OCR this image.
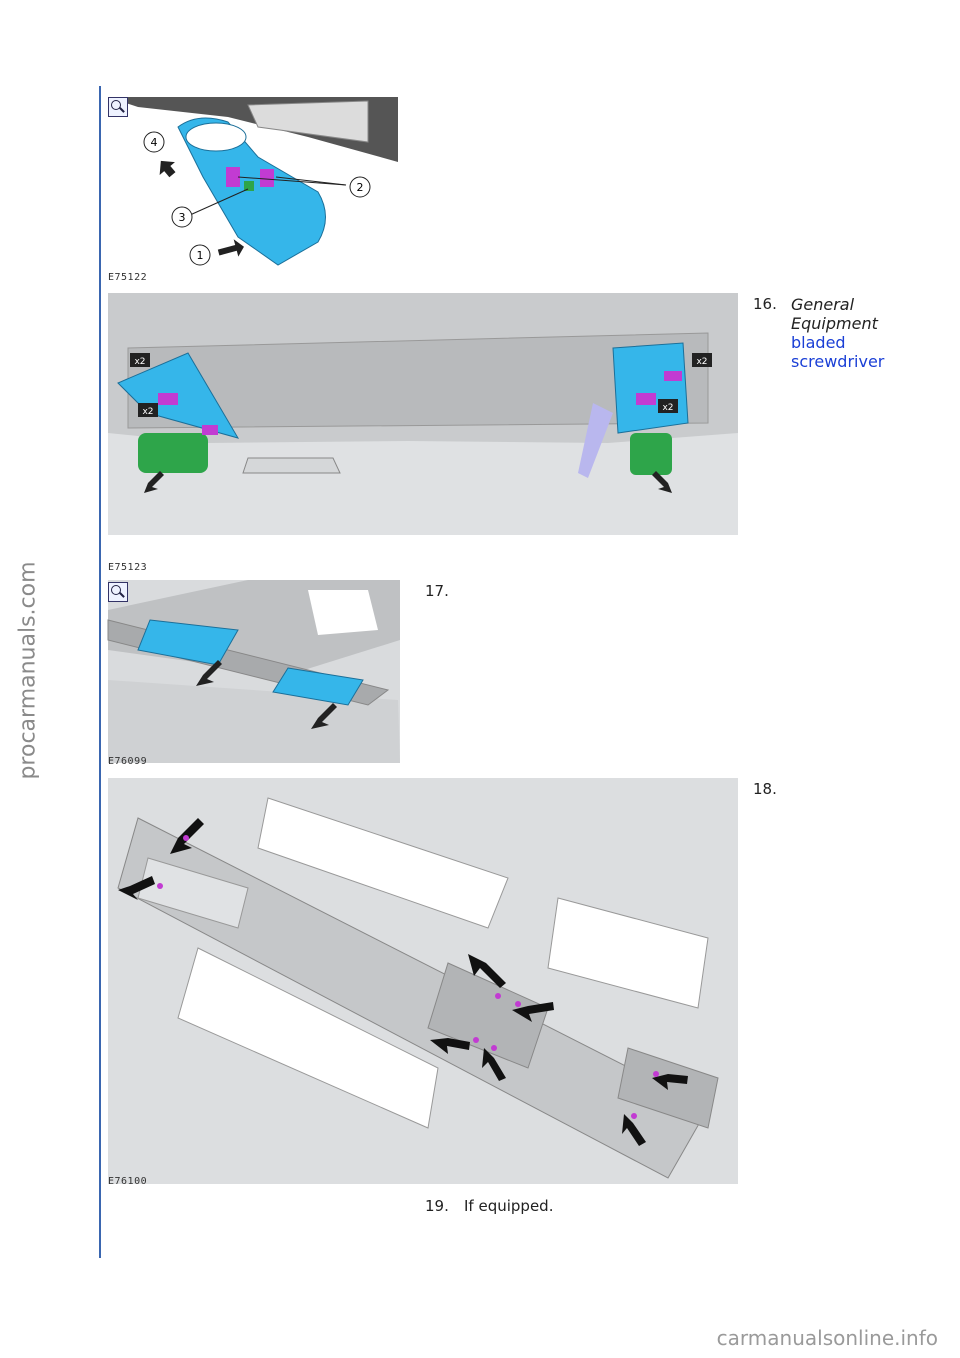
procarmanuals.com
4
2
3
1
E75122
x2
x2
x2
x2
E75123
16. General
Equipment
bladed
screwdriver
E76099
17.
E76100
18.
19. If equipped.
carmanualsonline.info
